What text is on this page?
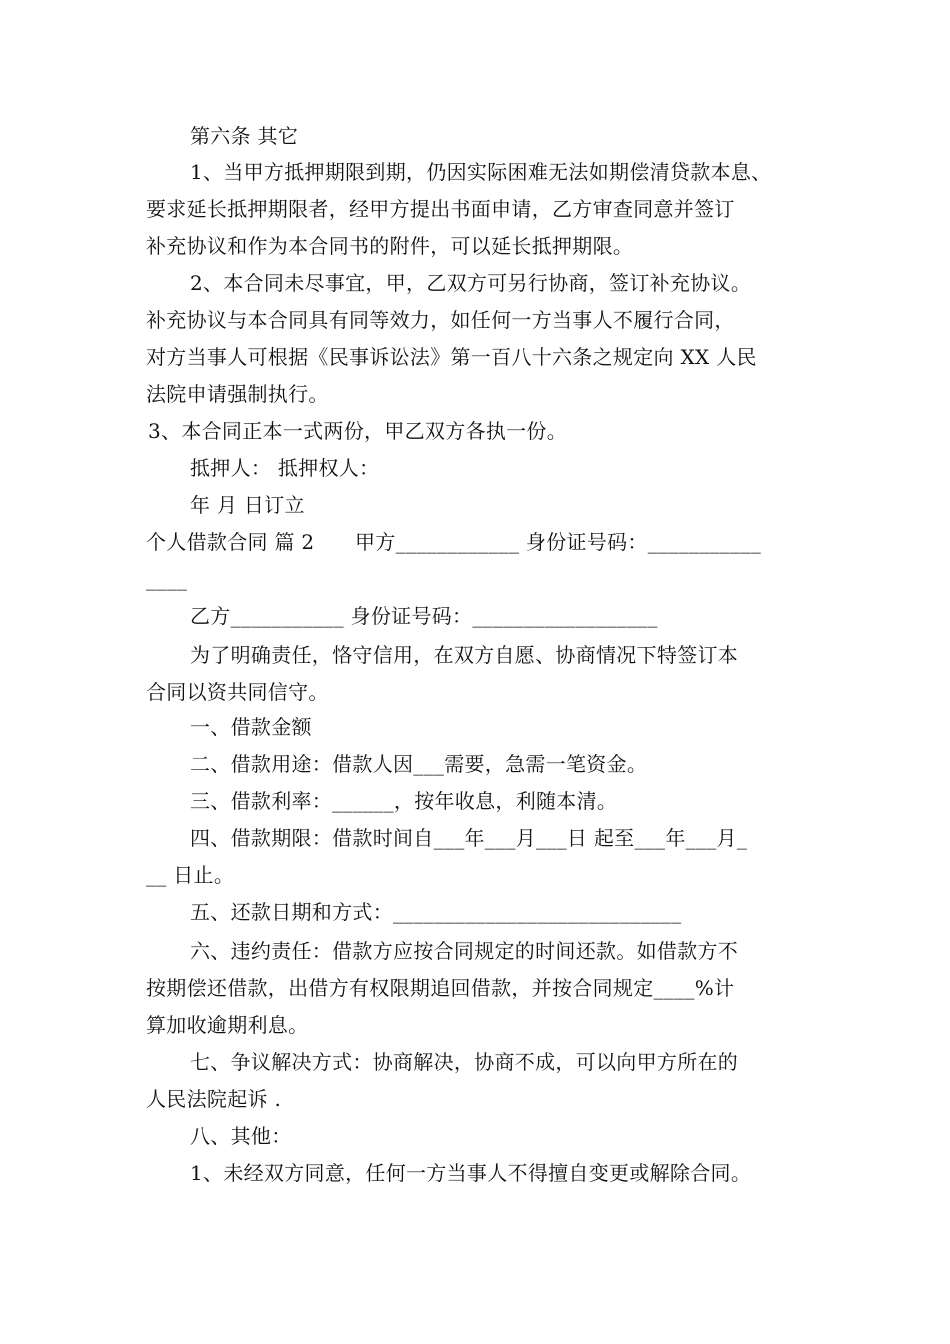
第六条 其它
1、当甲方抵押期限到期，仍因实际困难无法如期偿清贷款本息、
要求延长抵押期限者，经甲方提出书面申请，乙方审查同意并签订
补充协议和作为本合同书的附件，可以延长抵押期限。
2、本合同未尽事宜，甲，乙双方可另行协商，签订补充协议。
补充协议与本合同具有同等效力，如任何一方当事人不履行合同，
对方当事人可根据《民事诉讼法》第一百八十六条之规定向 XX 人民
法院申请强制执行。
3、本合同正本一式两份，甲乙双方各执一份。
抵押人： 抵押权人：
年 月 日订立
个人借款合同 篇 2　　甲方____________ 身份证号码：___________
____
乙方___________ 身份证号码：__________________
为了明确责任，恪守信用，在双方自愿、协商情况下特签订本
合同以资共同信守。
一、借款金额
二、借款用途：借款人因___需要，急需一笔资金。
三、借款利率：______，按年收息，利随本清。
四、借款期限：借款时间自___年___月___日 起至___年___月_
__ 日止。
五、还款日期和方式：____________________________
六、违约责任：借款方应按合同规定的时间还款。如借款方不
按期偿还借款，出借方有权限期追回借款，并按合同规定____%计
算加收逾期利息。
七、争议解决方式：协商解决，协商不成，可以向甲方所在的
人民法院起诉 .
八、其他：
1、未经双方同意，任何一方当事人不得擅自变更或解除合同。
